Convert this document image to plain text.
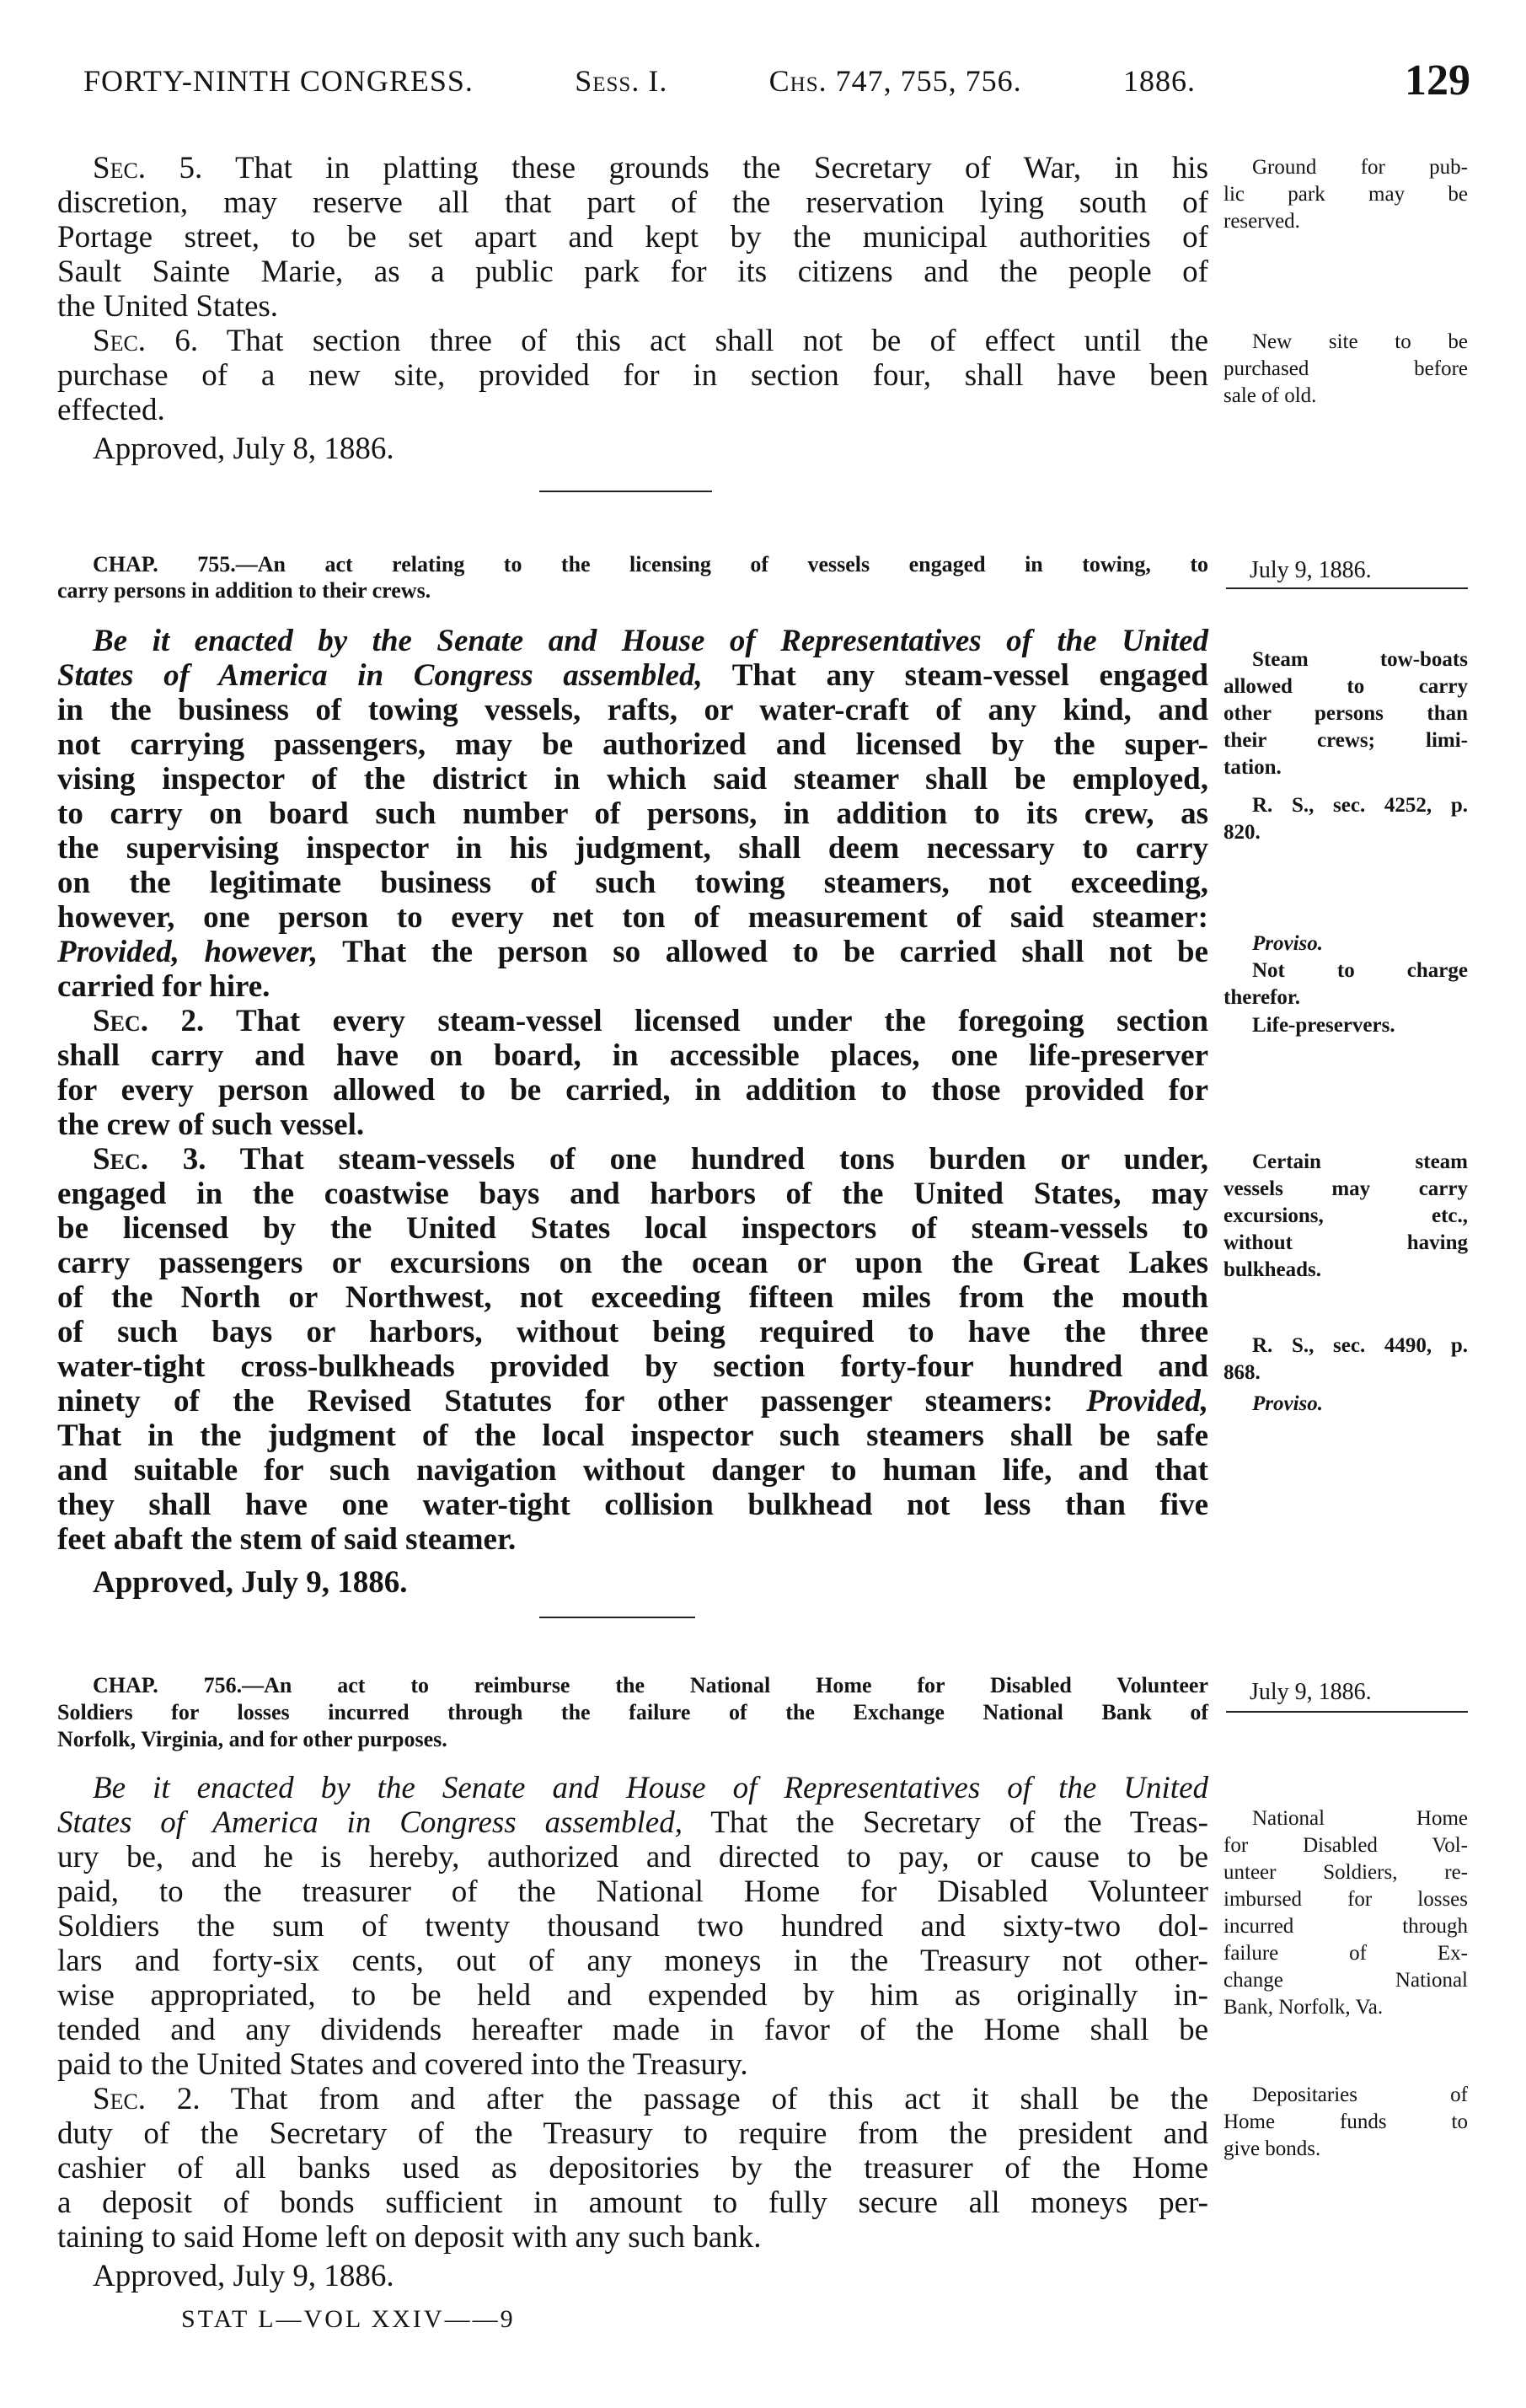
FORTY-NINTH CONGRESS.	Sess. I.	Chs. 747, 755, 756.	1886.	129
Approved, July 8, 1886.
July 9, 1886.
Approved, July 9, 1886.
July 9, 1886.
Approved, July 9, 1886.
STAT L—VOL XXIV——9
Sec. 5. That in platting these grounds the Secretary of War, in his
discretion, may reserve all that part of the reservation lying south of
Portage street, to be set apart and kept by the municipal authorities of
Sault Sainte Marie, as a public park for its citizens and the people of
the United States.
Sec. 6. That section three of this act shall not be of effect until the
purchase of a new site, provided for in section four, shall have been
effected.
Ground for pub-
lic park may be
reserved.
New site to be
purchased before
sale of old.
CHAP. 755.—An act relating to the licensing of vessels engaged in towing, to
carry persons in addition to their crews.
Be it enacted by the Senate and House of Representatives of the United
States of America in Congress assembled, That any steam-vessel engaged
in the business of towing vessels, rafts, or water-craft of any kind, and
not carrying passengers, may be authorized and licensed by the super-
vising inspector of the district in which said steamer shall be employed,
to carry on board such number of persons, in addition to its crew, as
the supervising inspector in his judgment, shall deem necessary to carry
on the legitimate business of such towing steamers, not exceeding,
however, one person to every net ton of measurement of said steamer:
Provided, however, That the person so allowed to be carried shall not be
carried for hire.
Sec. 2. That every steam-vessel licensed under the foregoing section
shall carry and have on board, in accessible places, one life-preserver
for every person allowed to be carried, in addition to those provided for
the crew of such vessel.
Sec. 3. That steam-vessels of one hundred tons burden or under,
engaged in the coastwise bays and harbors of the United States, may
be licensed by the United States local inspectors of steam-vessels to
carry passengers or excursions on the ocean or upon the Great Lakes
of the North or Northwest, not exceeding fifteen miles from the mouth
of such bays or harbors, without being required to have the three
water-tight cross-bulkheads provided by section forty-four hundred and
ninety of the Revised Statutes for other passenger steamers: Provided,
That in the judgment of the local inspector such steamers shall be safe
and suitable for such navigation without danger to human life, and that
they shall have one water-tight collision bulkhead not less than five
feet abaft the stem of said steamer.
Steam tow-boats
allowed to carry
other persons than
their crews; limi-
tation.
R. S., sec. 4252, p.
820.
Proviso.
Not to charge
therefor.
Life-preservers.
Certain steam
vessels may carry
excursions, etc.,
without having
bulkheads.
R. S., sec. 4490, p.
868.
Proviso.
CHAP. 756.—An act to reimburse the National Home for Disabled Volunteer
Soldiers for losses incurred through the failure of the Exchange National Bank of
Norfolk, Virginia, and for other purposes.
Be it enacted by the Senate and House of Representatives of the United
States of America in Congress assembled, That the Secretary of the Treas-
ury be, and he is hereby, authorized and directed to pay, or cause to be
paid, to the treasurer of the National Home for Disabled Volunteer
Soldiers the sum of twenty thousand two hundred and sixty-two dol-
lars and forty-six cents, out of any moneys in the Treasury not other-
wise appropriated, to be held and expended by him as originally in-
tended and any dividends hereafter made in favor of the Home shall be
paid to the United States and covered into the Treasury.
Sec. 2. That from and after the passage of this act it shall be the
duty of the Secretary of the Treasury to require from the president and
cashier of all banks used as depositories by the treasurer of the Home
a deposit of bonds sufficient in amount to fully secure all moneys per-
taining to said Home left on deposit with any such bank.
National Home
for Disabled Vol-
unteer Soldiers, re-
imbursed for losses
incurred through
failure of Ex-
change National
Bank, Norfolk, Va.
Depositaries of
Home funds to
give bonds.
